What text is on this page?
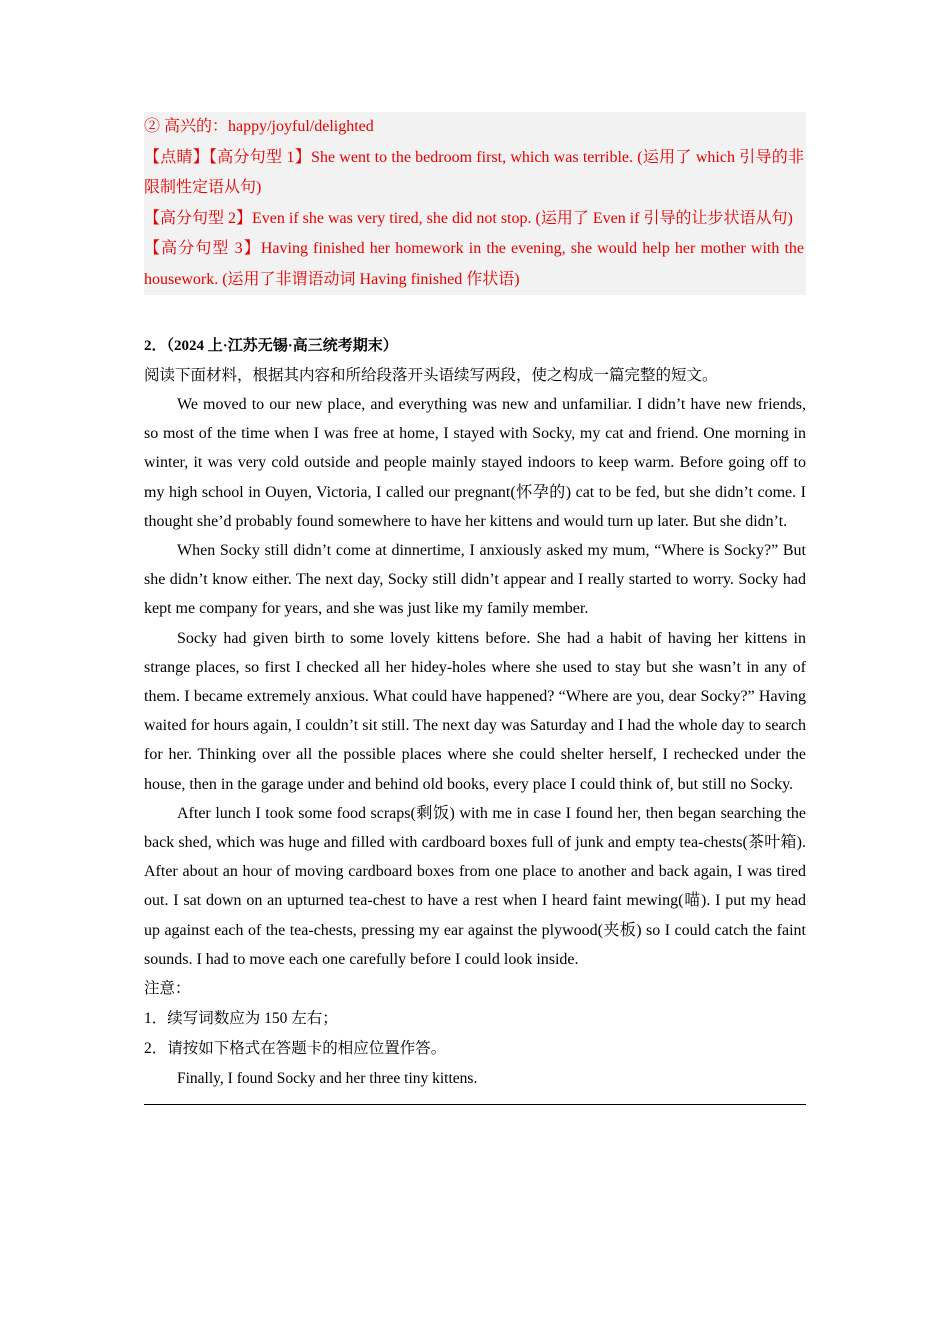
② 高兴的：happy/joyful/delighted

【点睛】【高分句型 1】She went to the bedroom first, which was terrible. (运用了 which 引导的非限制性定语从句)

【高分句型 2】Even if she was very tired, she did not stop. (运用了 Even if 引导的让步状语从句)

【高分句型 3】Having finished her homework in the evening, she would help her mother with the housework. (运用了非谓语动词 Having finished 作状语)

2．（2024 上·江苏无锡·高三统考期末）
阅读下面材料，根据其内容和所给段落开头语续写两段，使之构成一篇完整的短文。

We moved to our new place, and everything was new and unfamiliar. I didn’t have new friends, so most of the time when I was free at home, I stayed with Socky, my cat and friend. One morning in winter, it was very cold outside and people mainly stayed indoors to keep warm. Before going off to my high school in Ouyen, Victoria, I called our pregnant(怀孕的) cat to be fed, but she didn’t come. I thought she’d probably found somewhere to have her kittens and would turn up later. But she didn’t.

When Socky still didn’t come at dinnertime, I anxiously asked my mum, “Where is Socky?” But she didn’t know either. The next day, Socky still didn’t appear and I really started to worry. Socky had kept me company for years, and she was just like my family member.

Socky had given birth to some lovely kittens before. She had a habit of having her kittens in strange places, so first I checked all her hidey-holes where she used to stay but she wasn’t in any of them. I became extremely anxious. What could have happened? “Where are you, dear Socky?” Having waited for hours again, I couldn’t sit still. The next day was Saturday and I had the whole day to search for her. Thinking over all the possible places where she could shelter herself, I rechecked under the house, then in the garage under and behind old books, every place I could think of, but still no Socky.

After lunch I took some food scraps(剩饭) with me in case I found her, then began searching the back shed, which was huge and filled with cardboard boxes full of junk and empty tea-chests(茶叶箱). After about an hour of moving cardboard boxes from one place to another and back again, I was tired out. I sat down on an upturned tea-chest to have a rest when I heard faint mewing(喵). I put my head up against each of the tea-chests, pressing my ear against the plywood(夹板) so I could catch the faint sounds. I had to move each one carefully before I could look inside.

注意：

1．续写词数应为 150 左右；

2．请按如下格式在答题卡的相应位置作答。

Finally, I found Socky and her three tiny kittens.
